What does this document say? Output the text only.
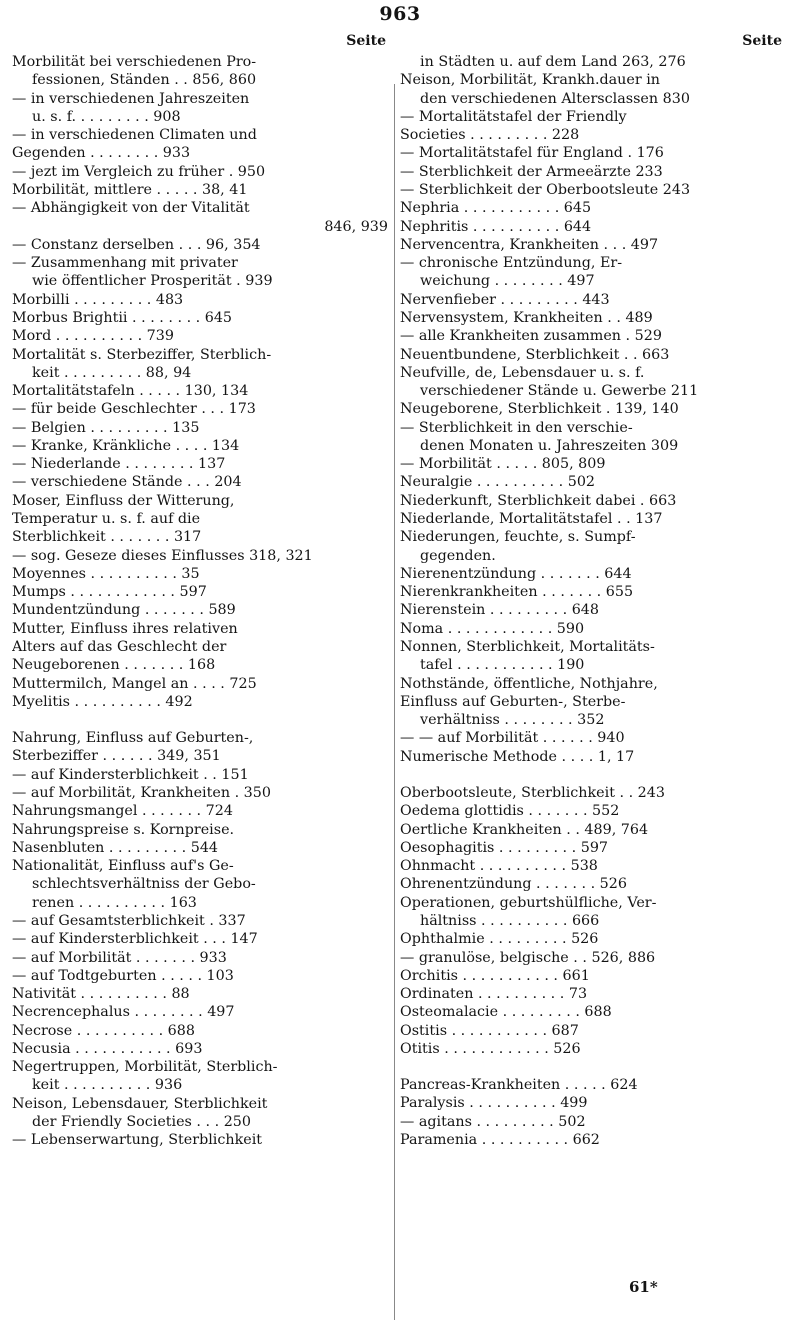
963
Seite	Seite
Morbilität bei verschiedenen Pro-
fessionen, Ständen . . 856, 860
— in verschiedenen Jahreszeiten
u. s. f. . . . . . . . . 908
— in verschiedenen Climaten und
Gegenden . . . . . . . . 933
— jezt im Vergleich zu früher . 950
Morbilität, mittlere . . . . . 38, 41
— Abhängigkeit von der Vitalität
846, 939
— Constanz derselben . . . 96, 354
— Zusammenhang mit privater
wie öffentlicher Prosperität . 939
Morbilli . . . . . . . . . 483
Morbus Brightii . . . . . . . . 645
Mord . . . . . . . . . . 739
Mortalität s. Sterbeziffer, Sterblich-
keit . . . . . . . . . 88, 94
Mortalitätstafeln . . . . . 130, 134
— für beide Geschlechter . . . 173
— Belgien . . . . . . . . . 135
— Kranke, Kränkliche . . . . 134
— Niederlande . . . . . . . . 137
— verschiedene Stände . . . 204
Moser, Einfluss der Witterung,
Temperatur u. s. f. auf die
Sterblichkeit . . . . . . . 317
— sog. Geseze dieses Einflusses 318, 321
Moyennes . . . . . . . . . . 35
Mumps . . . . . . . . . . . . 597
Mundentzündung . . . . . . . 589
Mutter, Einfluss ihres relativen
Alters auf das Geschlecht der
Neugeborenen . . . . . . . 168
Muttermilch, Mangel an . . . . 725
Myelitis . . . . . . . . . . 492
Nahrung, Einfluss auf Geburten-,
Sterbeziffer . . . . . . 349, 351
— auf Kindersterblichkeit . . 151
— auf Morbilität, Krankheiten . 350
Nahrungsmangel . . . . . . . 724
Nahrungspreise s. Kornpreise.
Nasenbluten . . . . . . . . . 544
Nationalität, Einfluss auf's Ge-
schlechtsverhältniss der Gebo-
renen . . . . . . . . . . 163
— auf Gesamtsterblichkeit . 337
— auf Kindersterblichkeit . . . 147
— auf Morbilität . . . . . . . 933
— auf Todtgeburten . . . . . 103
Nativität . . . . . . . . . . 88
Necrencephalus . . . . . . . . 497
Necrose . . . . . . . . . . 688
Necusia . . . . . . . . . . . 693
Negertruppen, Morbilität, Sterblich-
keit . . . . . . . . . . 936
Neison, Lebensdauer, Sterblichkeit
der Friendly Societies . . . 250
— Lebenserwartung, Sterblichkeit
in Städten u. auf dem Land 263, 276
Neison, Morbilität, Krankh.dauer in
den verschiedenen Altersclassen 830
— Mortalitätstafel der Friendly
Societies . . . . . . . . . 228
— Mortalitätstafel für England . 176
— Sterblichkeit der Armeeärzte 233
— Sterblichkeit der Oberbootsleute 243
Nephria . . . . . . . . . . . 645
Nephritis . . . . . . . . . . 644
Nervencentra, Krankheiten . . . 497
— chronische Entzündung, Er-
weichung . . . . . . . . 497
Nervenfieber . . . . . . . . . 443
Nervensystem, Krankheiten . . 489
— alle Krankheiten zusammen . 529
Neuentbundene, Sterblichkeit . . 663
Neufville, de, Lebensdauer u. s. f.
verschiedener Stände u. Gewerbe 211
Neugeborene, Sterblichkeit . 139, 140
— Sterblichkeit in den verschie-
denen Monaten u. Jahreszeiten 309
— Morbilität . . . . . 805, 809
Neuralgie . . . . . . . . . . 502
Niederkunft, Sterblichkeit dabei . 663
Niederlande, Mortalitätstafel . . 137
Niederungen, feuchte, s. Sumpf-
gegenden.
Nierenentzündung . . . . . . . 644
Nierenkrankheiten . . . . . . . 655
Nierenstein . . . . . . . . . 648
Noma . . . . . . . . . . . . 590
Nonnen, Sterblichkeit, Mortalitäts-
tafel . . . . . . . . . . . 190
Nothstände, öffentliche, Nothjahre,
Einfluss auf Geburten-, Sterbe-
verhältniss . . . . . . . . 352
— — auf Morbilität . . . . . . 940
Numerische Methode . . . . 1, 17
Oberbootsleute, Sterblichkeit . . 243
Oedema glottidis . . . . . . . 552
Oertliche Krankheiten . . 489, 764
Oesophagitis . . . . . . . . . 597
Ohnmacht . . . . . . . . . . 538
Ohrenentzündung . . . . . . . 526
Operationen, geburtshülfliche, Ver-
hältniss . . . . . . . . . . 666
Ophthalmie . . . . . . . . . 526
— granulöse, belgische . . 526, 886
Orchitis . . . . . . . . . . . 661
Ordinaten . . . . . . . . . . 73
Osteomalacie . . . . . . . . . 688
Ostitis . . . . . . . . . . . 687
Otitis . . . . . . . . . . . . 526
Pancreas-Krankheiten . . . . . 624
Paralysis . . . . . . . . . . 499
— agitans . . . . . . . . . 502
Paramenia . . . . . . . . . . 662
61*
